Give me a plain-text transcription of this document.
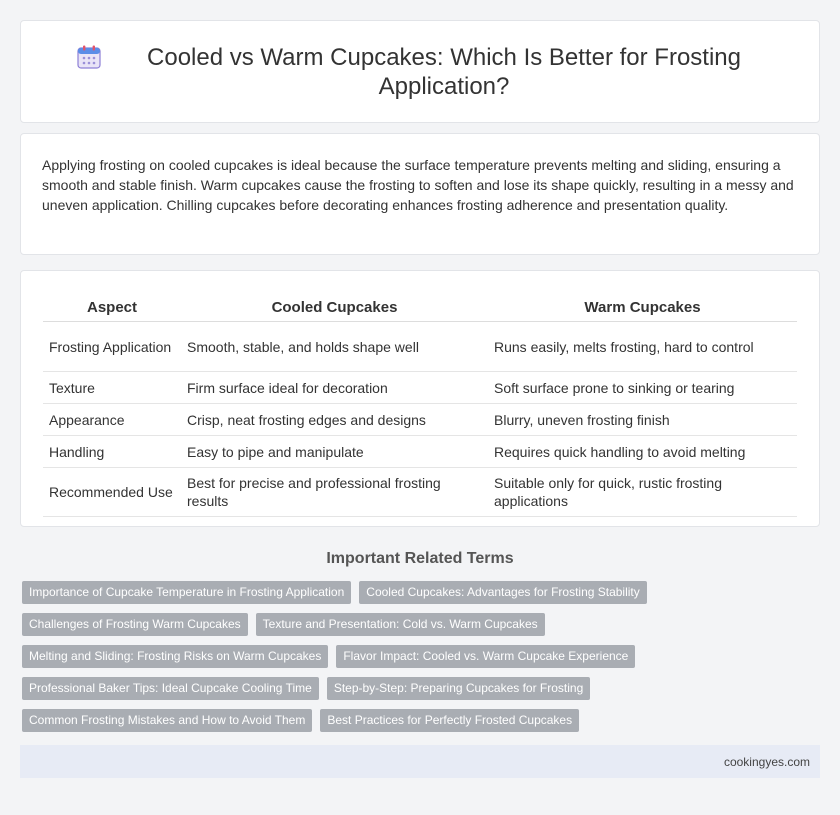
Cooled vs Warm Cupcakes: Which Is Better for Frosting Application?

Applying frosting on cooled cupcakes is ideal because the surface temperature prevents melting and sliding, ensuring a smooth and stable finish. Warm cupcakes cause the frosting to soften and lose its shape quickly, resulting in a messy and uneven application. Chilling cupcakes before decorating enhances frosting adherence and presentation quality.

Aspect	Cooled Cupcakes	Warm Cupcakes
Frosting Application	Smooth, stable, and holds shape well	Runs easily, melts frosting, hard to control
Texture	Firm surface ideal for decoration	Soft surface prone to sinking or tearing
Appearance	Crisp, neat frosting edges and designs	Blurry, uneven frosting finish
Handling	Easy to pipe and manipulate	Requires quick handling to avoid melting
Recommended Use	Best for precise and professional frosting results	Suitable only for quick, rustic frosting applications
Important Related Terms
Importance of Cupcake Temperature in Frosting Application	Cooled Cupcakes: Advantages for Frosting Stability
Challenges of Frosting Warm Cupcakes	Texture and Presentation: Cold vs. Warm Cupcakes
Melting and Sliding: Frosting Risks on Warm Cupcakes	Flavor Impact: Cooled vs. Warm Cupcake Experience
Professional Baker Tips: Ideal Cupcake Cooling Time	Step-by-Step: Preparing Cupcakes for Frosting
Common Frosting Mistakes and How to Avoid Them	Best Practices for Perfectly Frosted Cupcakes
cookingyes.com
